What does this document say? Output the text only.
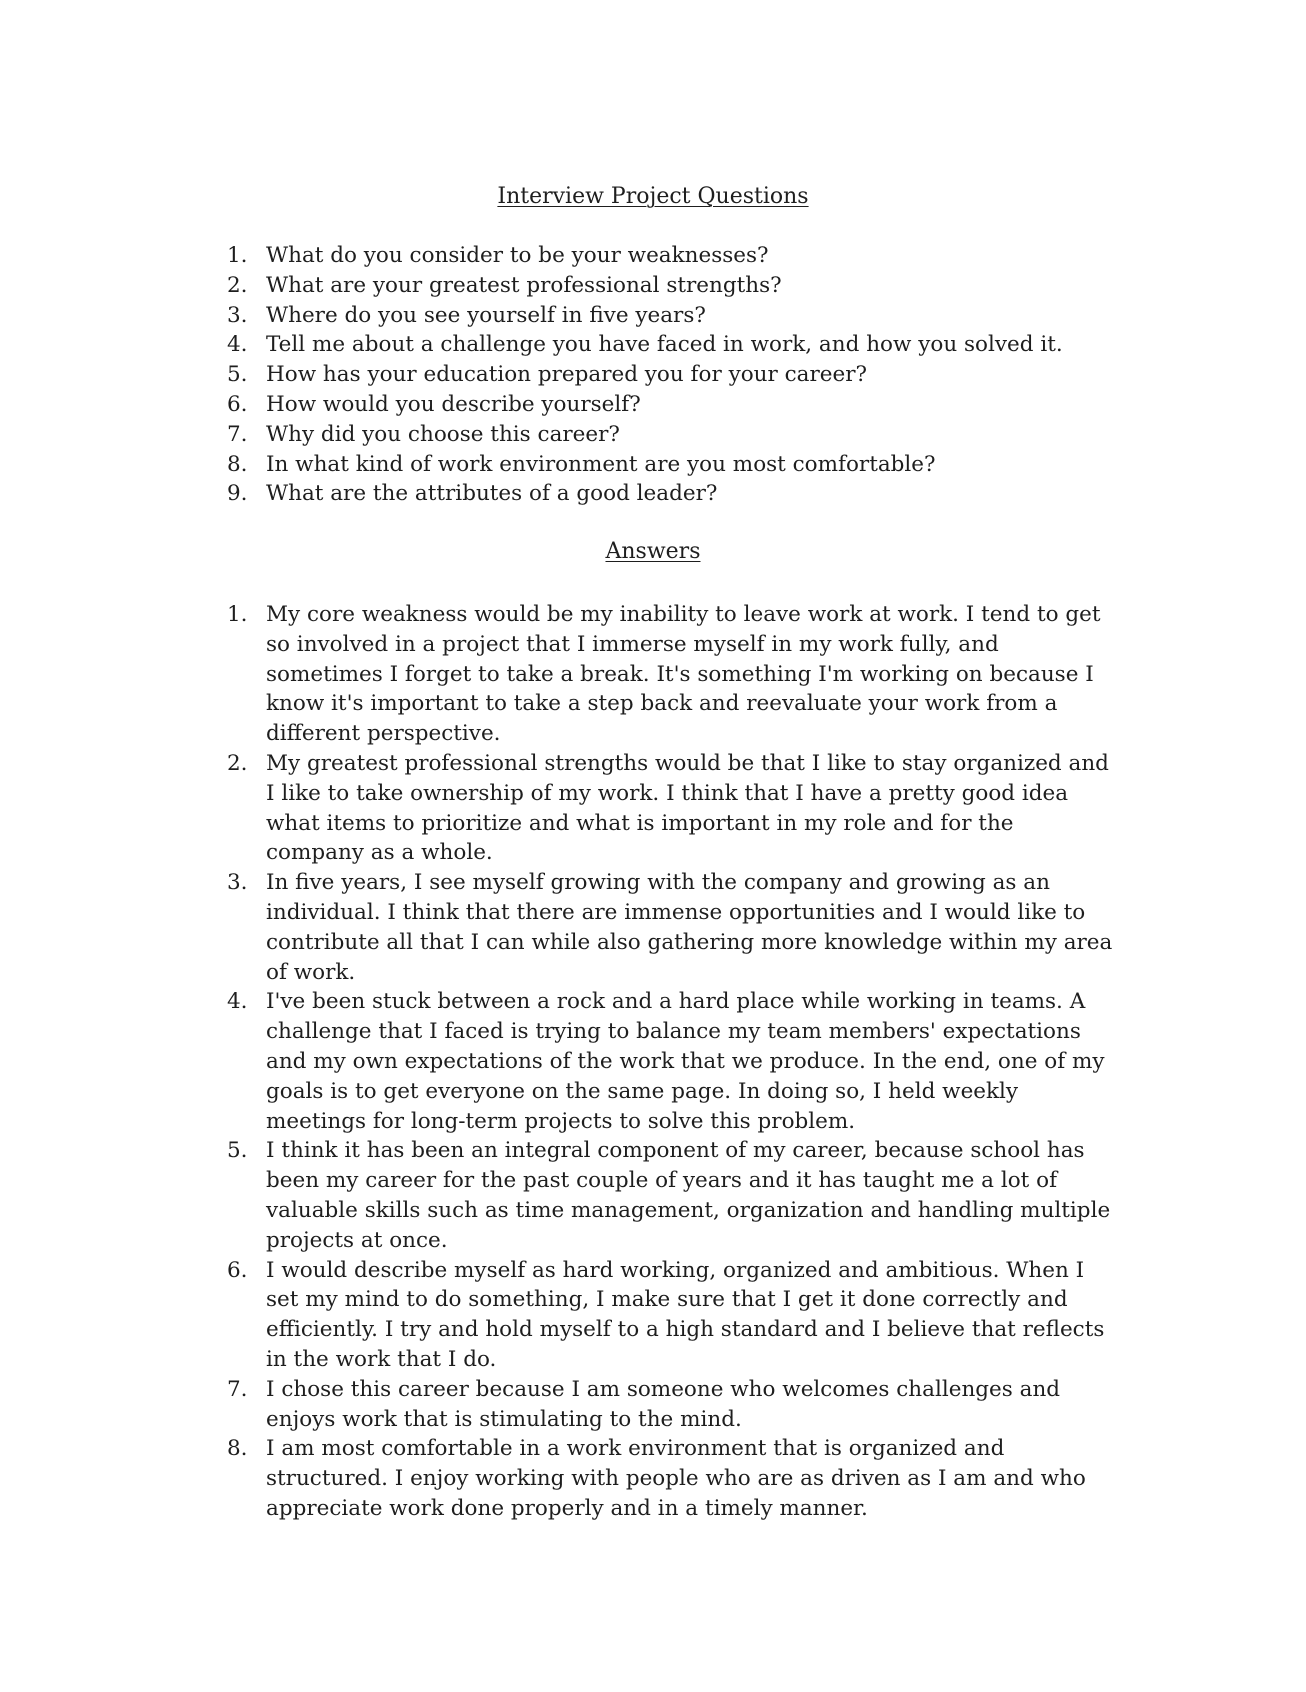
Interview Project Questions
1. What do you consider to be your weaknesses?
2. What are your greatest professional strengths?
3. Where do you see yourself in five years?
4. Tell me about a challenge you have faced in work, and how you solved it.
5. How has your education prepared you for your career?
6. How would you describe yourself?
7. Why did you choose this career?
8. In what kind of work environment are you most comfortable?
9. What are the attributes of a good leader?
Answers
1. My core weakness would be my inability to leave work at work. I tend to get so involved in a project that I immerse myself in my work fully, and sometimes I forget to take a break. It's something I'm working on because I know it's important to take a step back and reevaluate your work from a different perspective.
2. My greatest professional strengths would be that I like to stay organized and I like to take ownership of my work. I think that I have a pretty good idea what items to prioritize and what is important in my role and for the company as a whole.
3. In five years, I see myself growing with the company and growing as an individual. I think that there are immense opportunities and I would like to contribute all that I can while also gathering more knowledge within my area of work.
4. I've been stuck between a rock and a hard place while working in teams. A challenge that I faced is trying to balance my team members' expectations and my own expectations of the work that we produce. In the end, one of my goals is to get everyone on the same page. In doing so, I held weekly meetings for long-term projects to solve this problem.
5. I think it has been an integral component of my career, because school has been my career for the past couple of years and it has taught me a lot of valuable skills such as time management, organization and handling multiple projects at once.
6. I would describe myself as hard working, organized and ambitious. When I set my mind to do something, I make sure that I get it done correctly and efficiently. I try and hold myself to a high standard and I believe that reflects in the work that I do.
7. I chose this career because I am someone who welcomes challenges and enjoys work that is stimulating to the mind.
8. I am most comfortable in a work environment that is organized and structured. I enjoy working with people who are as driven as I am and who appreciate work done properly and in a timely manner.
